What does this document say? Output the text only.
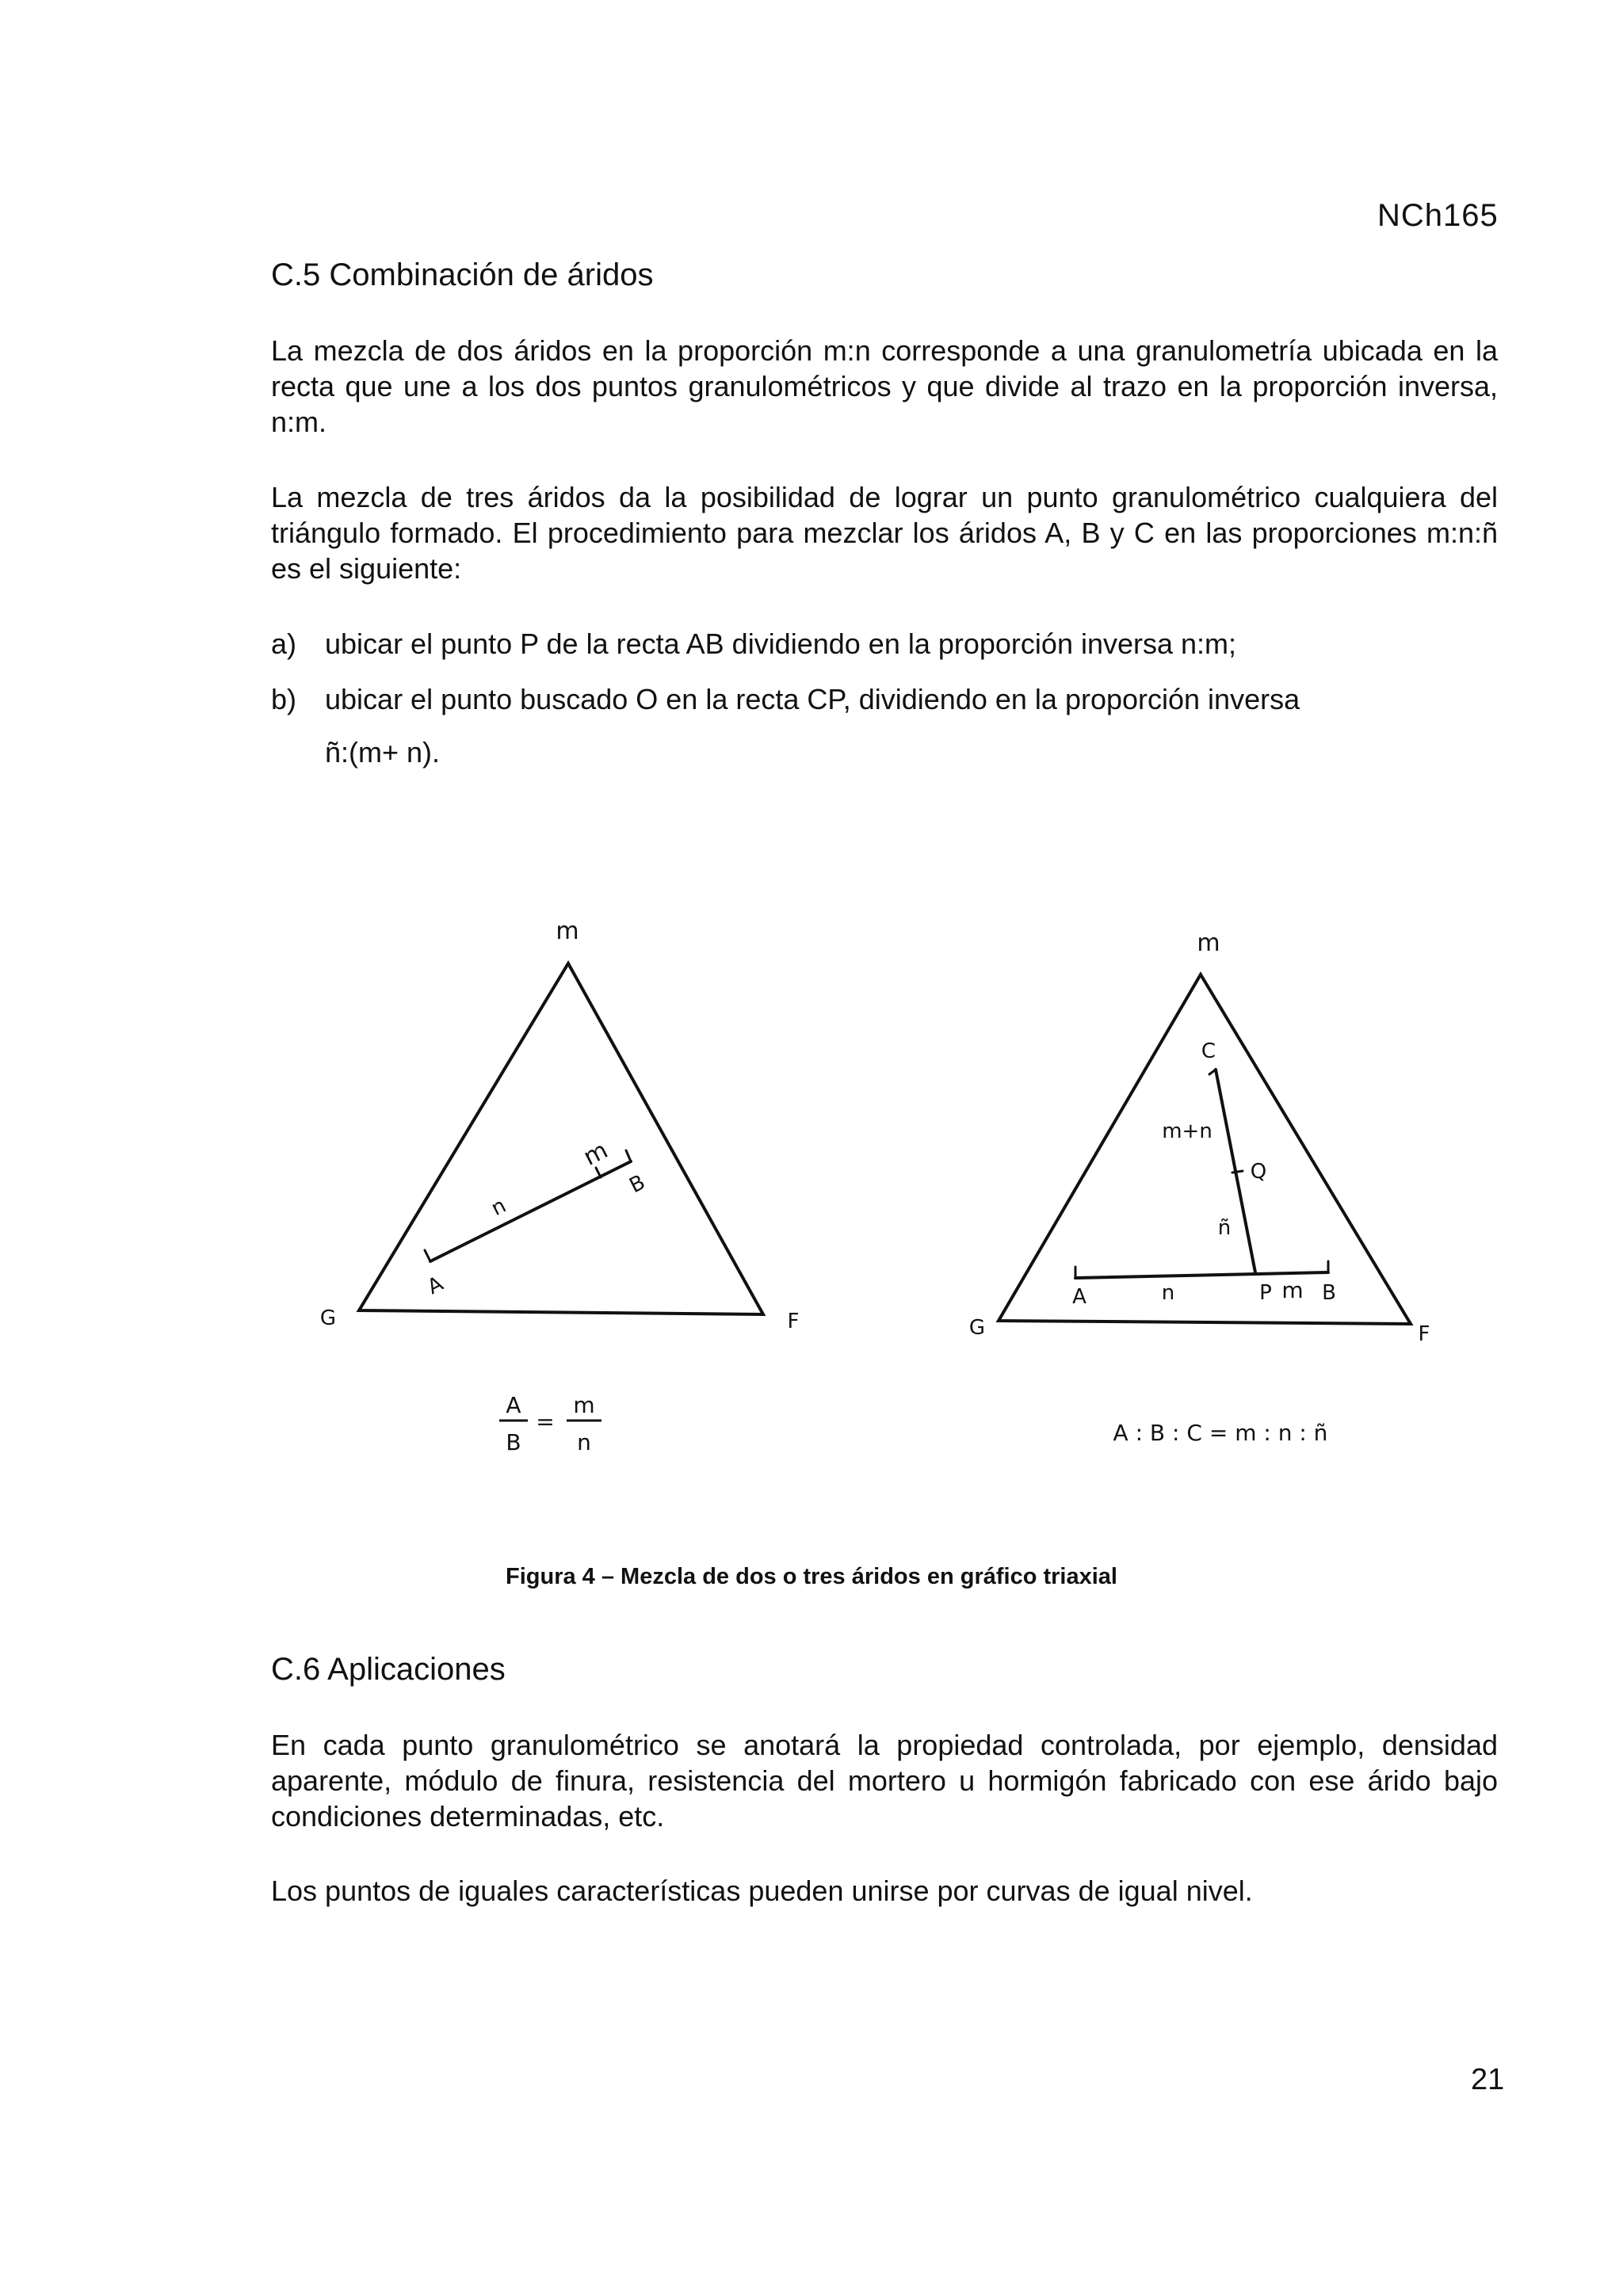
NCh165
C.5 Combinación de áridos
La mezcla de dos áridos en la proporción m:n corresponde a una granulometría ubicada en la recta que une a los dos puntos granulométricos y que divide al trazo en la proporción inversa, n:m.
La mezcla de tres áridos da la posibilidad de lograr un punto granulométrico cualquiera del triángulo formado. El procedimiento para mezclar los áridos A, B y C en las proporciones m:n:ñ es el siguiente:
a) ubicar el punto P de la recta AB dividiendo en la proporción inversa n:m;
b) ubicar el punto buscado O en la recta CP, dividiendo en la proporción inversa
ñ:(m+ n).
m
G	F
A
n
m
B
A
B
=
m
n
m
G	F
C
m+n
Q
ñ
A	n	P m B
A : B : C = m : n : ñ
Figura 4 – Mezcla de dos o tres áridos en gráfico triaxial
C.6 Aplicaciones
En cada punto granulométrico se anotará la propiedad controlada, por ejemplo, densidad aparente, módulo de finura, resistencia del mortero u hormigón fabricado con ese árido bajo condiciones determinadas, etc.
Los puntos de iguales características pueden unirse por curvas de igual nivel.
21
